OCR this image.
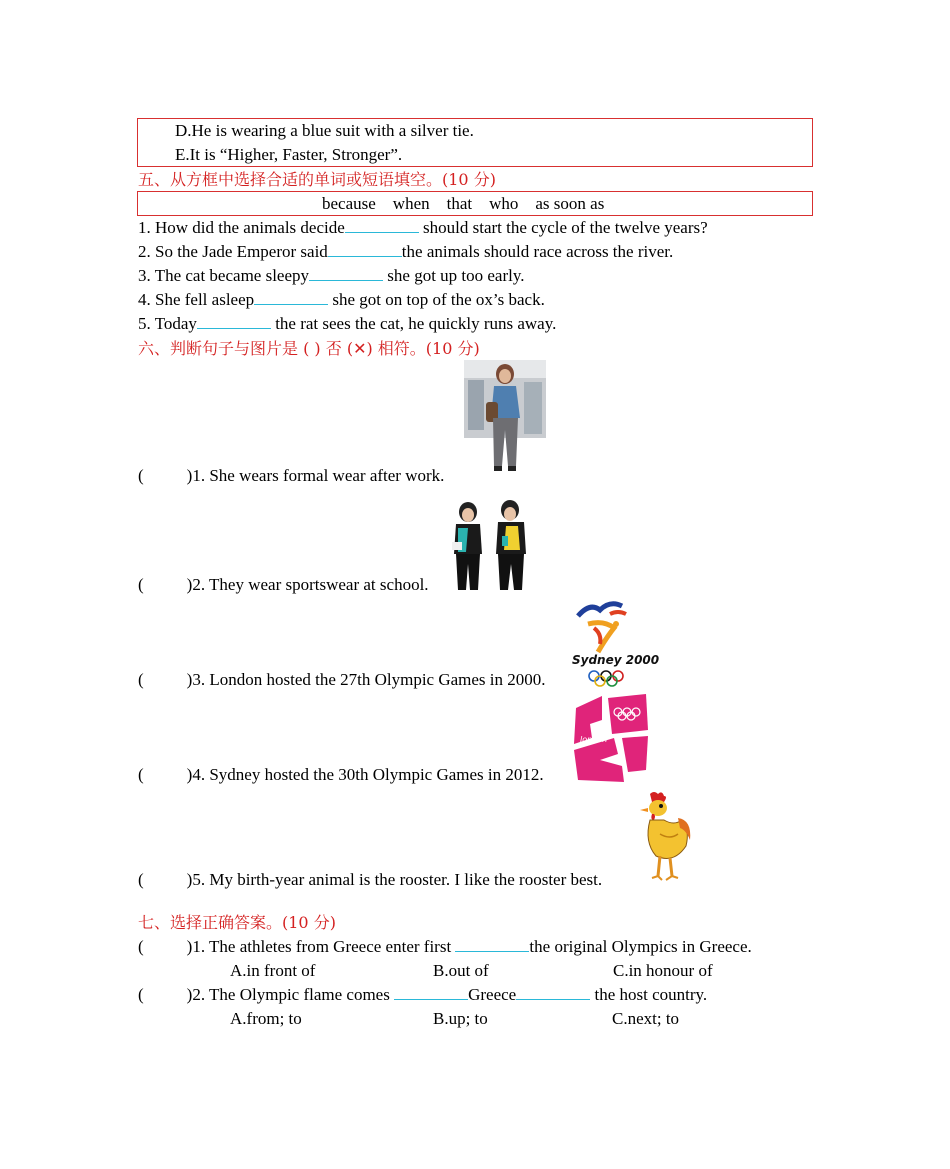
D.He is wearing a blue suit with a silver tie.
E.It is “Higher, Faster, Stronger”.
五、从方框中选择合适的单词或短语填空。(10 分)
because    when    that    who    as soon as
1. How did the animals decide	should start the cycle of the twelve years?
2. So the Jade Emperor said	the animals should race across the river.
3. The cat became sleepy	she got up too early.
4. She fell asleep	she got on top of the ox’s back.
5. Today	the rat sees the cat, he quickly runs away.
六、判断句子与图片是 ( ) 否 (✕) 相符。(10 分)
(	)1. She wears formal wear after work.
(	)2. They wear sportswear at school.
Sydney 2000
(	)3. London hosted the 27th Olympic Games in 2000.
london
(	)4. Sydney hosted the 30th Olympic Games in 2012.
(	)5. My birth-year animal is the rooster. I like the rooster best.
七、选择正确答案。(10 分)
(	)1. The athletes from Greece enter first	the original Olympics in Greece.
A.in front of	B.out of	C.in honour of
(	)2. The Olympic flame comes	Greece	the host country.
A.from; to	B.up; to	C.next; to
